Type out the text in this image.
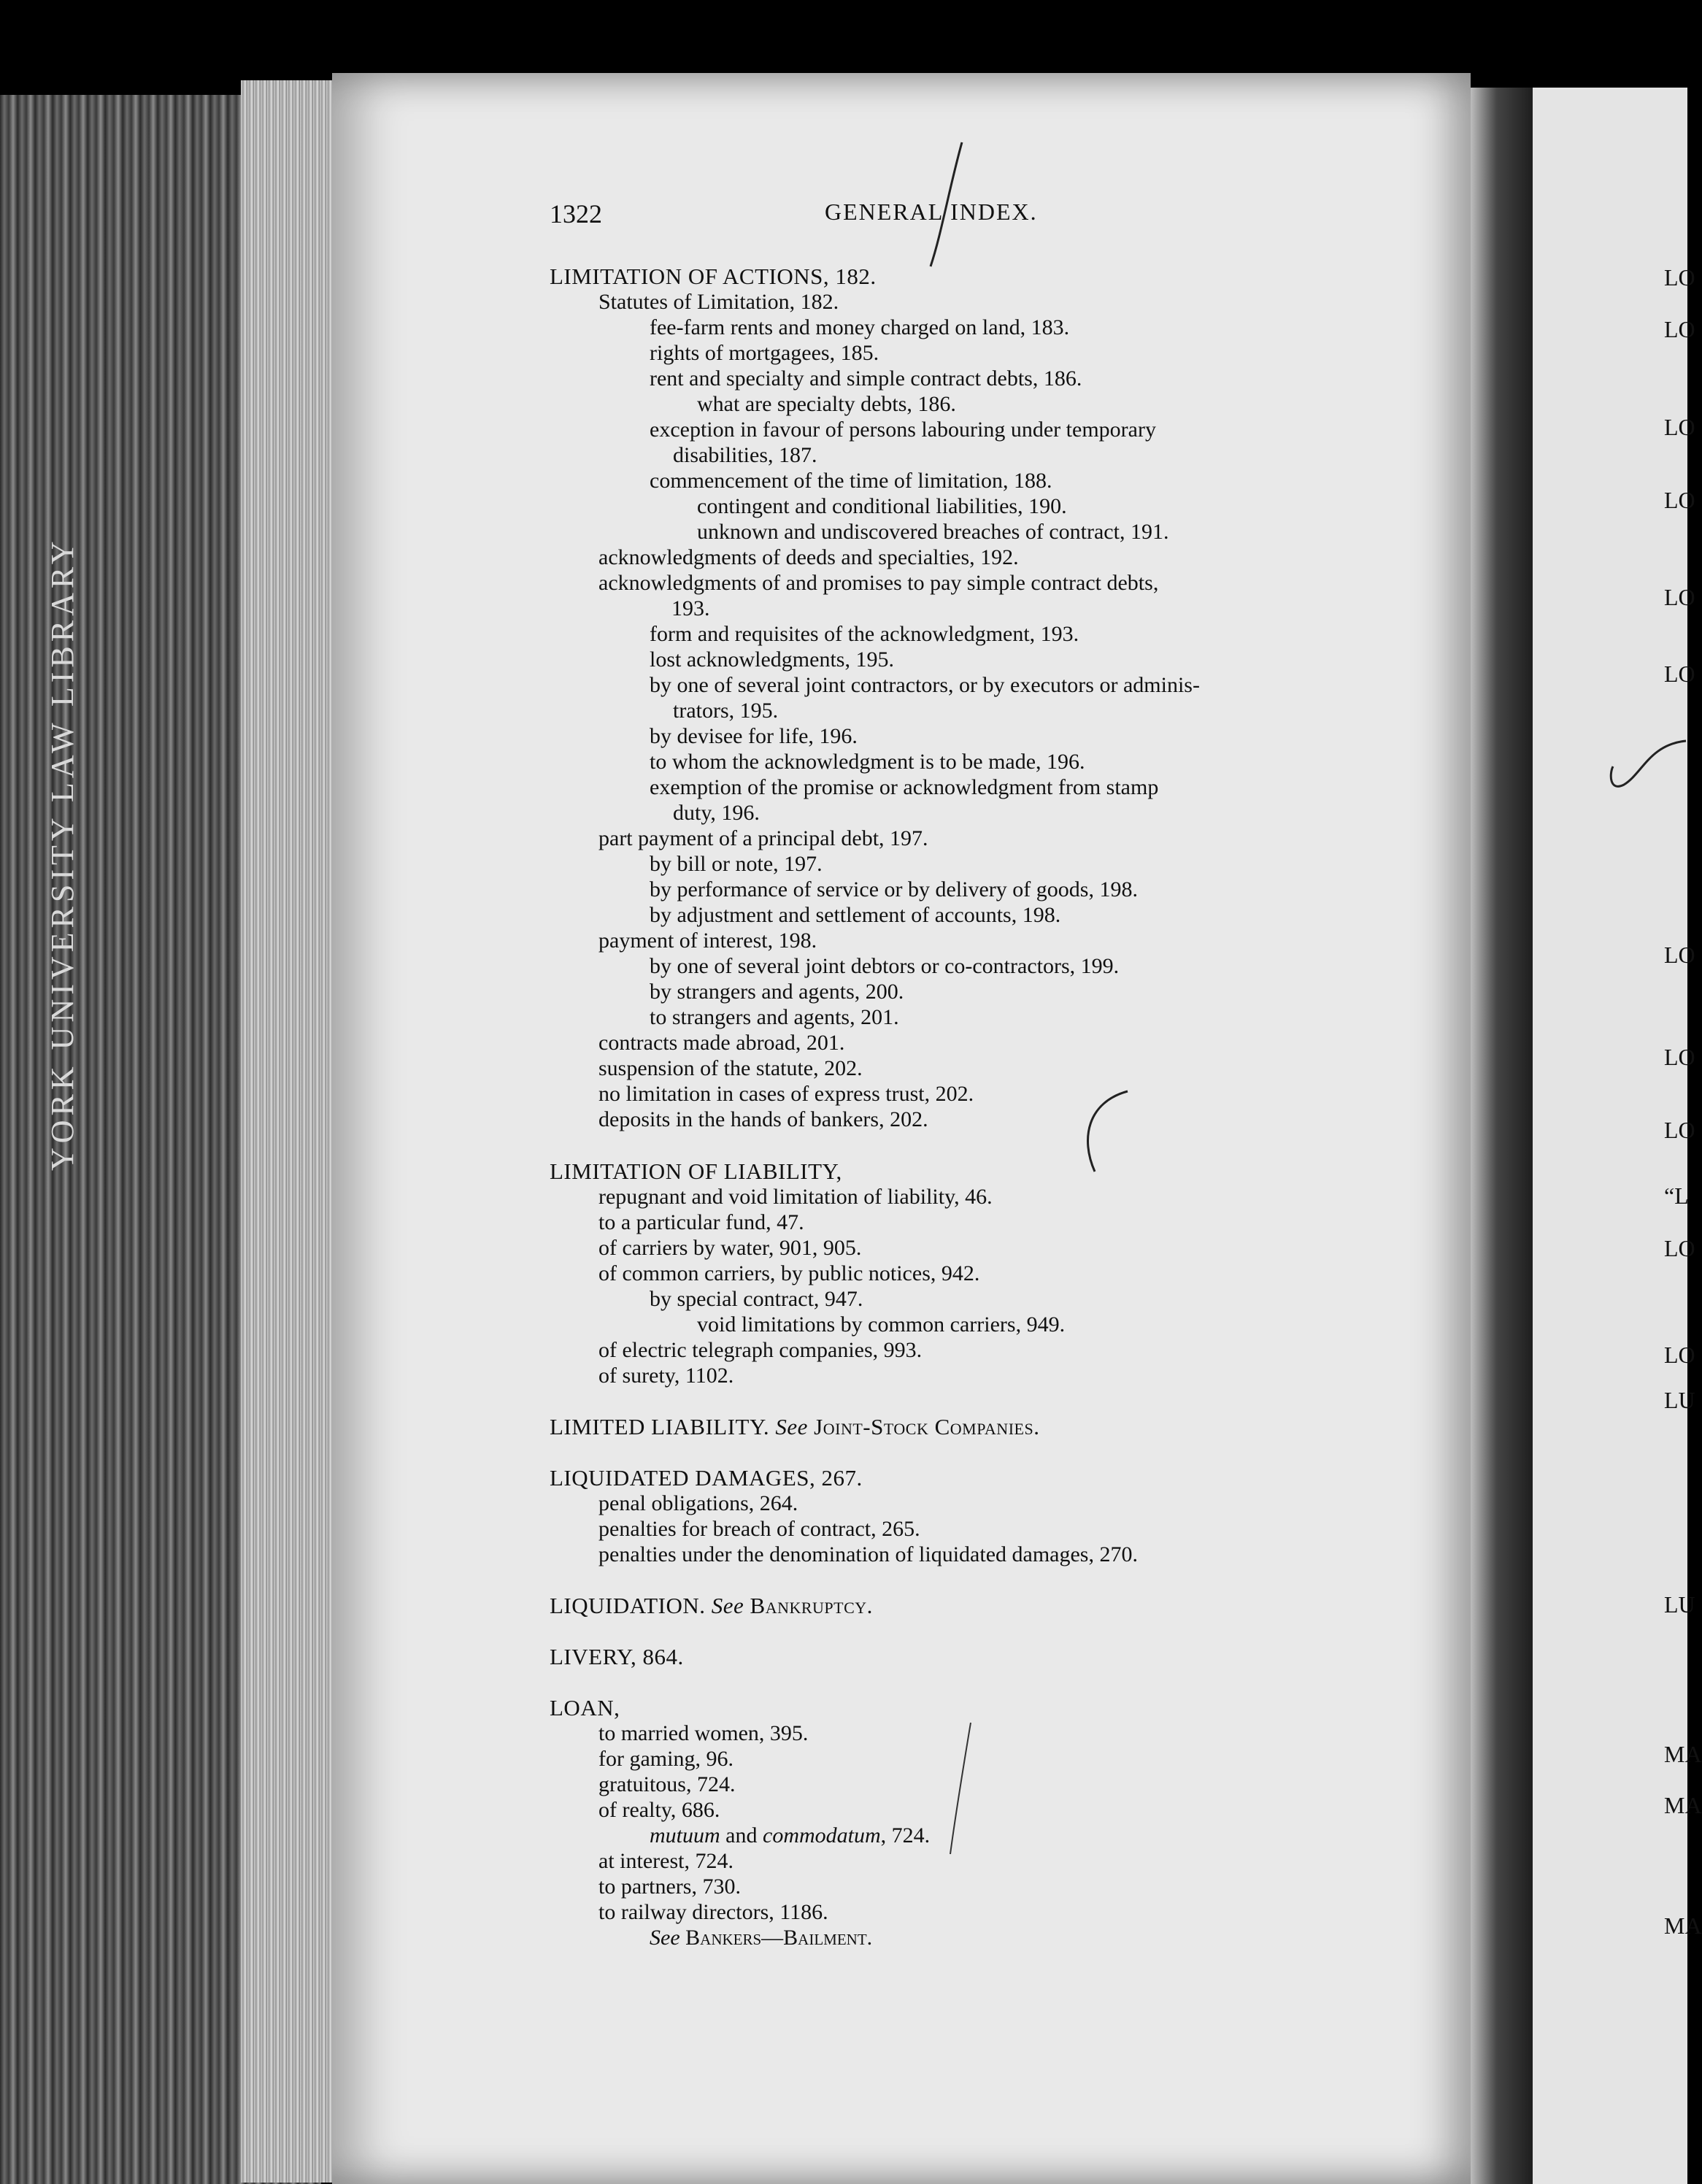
YORK UNIVERSITY LAW LIBRARY
1322	GENERAL INDEX.
LIMITATION OF ACTIONS, 182.
Statutes of Limitation, 182.
fee-farm rents and money charged on land, 183.
rights of mortgagees, 185.
rent and specialty and simple contract debts, 186.
what are specialty debts, 186.
exception in favour of persons labouring under temporary
disabilities, 187.
commencement of the time of limitation, 188.
contingent and conditional liabilities, 190.
unknown and undiscovered breaches of contract, 191.
acknowledgments of deeds and specialties, 192.
acknowledgments of and promises to pay simple contract debts,
193.
form and requisites of the acknowledgment, 193.
lost acknowledgments, 195.
by one of several joint contractors, or by executors or adminis-
trators, 195.
by devisee for life, 196.
to whom the acknowledgment is to be made, 196.
exemption of the promise or acknowledgment from stamp
duty, 196.
part payment of a principal debt, 197.
by bill or note, 197.
by performance of service or by delivery of goods, 198.
by adjustment and settlement of accounts, 198.
payment of interest, 198.
by one of several joint debtors or co-contractors, 199.
by strangers and agents, 200.
to strangers and agents, 201.
contracts made abroad, 201.
suspension of the statute, 202.
no limitation in cases of express trust, 202.
deposits in the hands of bankers, 202.
LIMITATION OF LIABILITY,
repugnant and void limitation of liability, 46.
to a particular fund, 47.
of carriers by water, 901, 905.
of common carriers, by public notices, 942.
by special contract, 947.
void limitations by common carriers, 949.
of electric telegraph companies, 993.
of surety, 1102.
LIMITED LIABILITY. See Joint-Stock Companies.
LIQUIDATED DAMAGES, 267.
penal obligations, 264.
penalties for breach of contract, 265.
penalties under the denomination of liquidated damages, 270.
LIQUIDATION. See Bankruptcy.
LIVERY, 864.
LOAN,
to married women, 395.
for gaming, 96.
gratuitous, 724.
of realty, 686.
mutuum and commodatum, 724.
at interest, 724.
to partners, 730.
to railway directors, 1186.
See Bankers—Bailment.
LO
LO
LO
LO
LO
LO
LO
LO
LO
“L
LO
LO
LU
LU
MA
MA
MA
